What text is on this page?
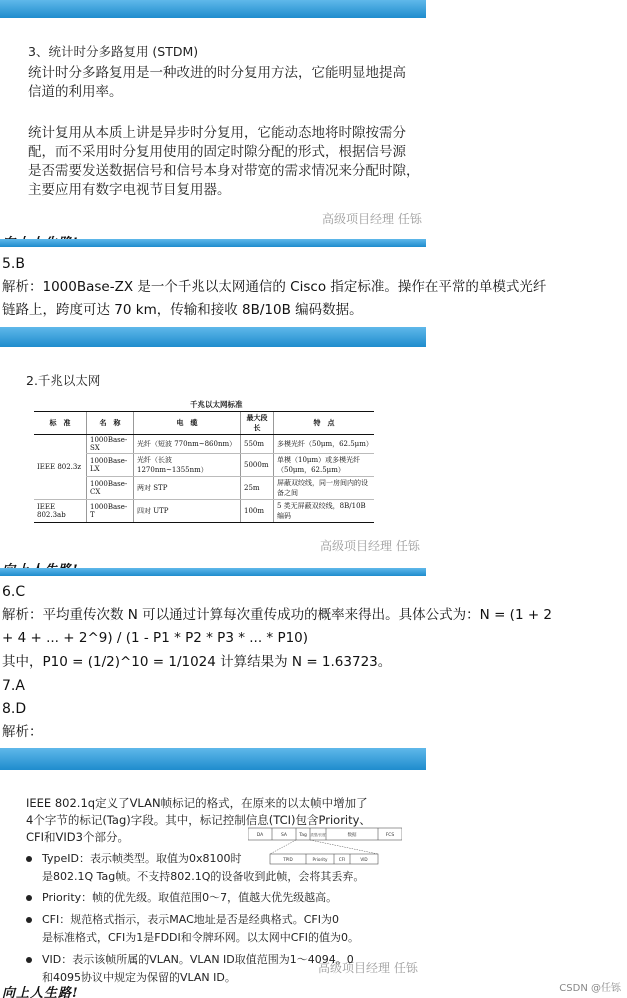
3、统计时分多路复用 (STDM)
统计时分多路复用是一种改进的时分复用方法，它能明显地提高
信道的利用率。
统计复用从本质上讲是异步时分复用，它能动态地将时隙按需分
配，而不采用时分复用使用的固定时隙分配的形式，根据信号源
是否需要发送数据信号和信号本身对带宽的需求情况来分配时隙，
主要应用有数字电视节目复用器。
高级项目经理 任铄
5.B
解析：1000Base-ZX 是一个千兆以太网通信的 Cisco 指定标准。操作在平常的单模式光纤
链路上，跨度可达 70 km，传输和接收 8B/10B 编码数据。
2.千兆以太网
高级项目经理 任铄
千兆以太网标准
标　准	名　称	电　缆	最大段长	特　点
IEEE 802.3z	1000Base-SX	光纤（短波 770nm~860nm）	550m	多模光纤（50μm，62.5μm）
	1000Base-LX	光纤（长波 1270nm~1355nm）	5000m	单模（10μm）或多模光纤（50μm，62.5μm）
	1000Base-CX	两对 STP	25m	屏蔽双绞线，同一房间内的设备之间
IEEE 802.3ab	1000Base-T	四对 UTP	100m	5 类无屏蔽双绞线，8B/10B 编码
6.C
解析：平均重传次数 N 可以通过计算每次重传成功的概率来得出。具体公式为：N = (1 + 2
+ 4 + ... + 2^9) / (1 - P1 * P2 * P3 * ... * P10)
其中，P10 = (1/2)^10 = 1/1024 计算结果为 N = 1.63723。
7.A
8.D
解析：
高级项目经理 任铄
向上人生路!
IEEE 802.1q定义了VLAN帧标记的格式，在原来的以太帧中增加了
4个字节的标记(Tag)字段。其中，标记控制信息(TCI)包含Priority、
CFI和VID3个部分。	DA	SA	Tag 类型/长度	数据	FCS
TPID	Priority	CFI	VID
TypeID：表示帧类型。取值为0x8100时
是802.1Q Tag帧。不支持802.1Q的设备收到此帧，会将其丢弃。
Priority：帧的优先级。取值范围0～7，值越大优先级越高。
CFI：规范格式指示，表示MAC地址是否是经典格式。CFI为0
是标准格式，CFI为1是FDDI和令牌环网。以太网中CFI的值为0。
VID：表示该帧所属的VLAN。VLAN ID取值范围为1～4094。0
和4095协议中规定为保留的VLAN ID。
CSDN @任铄
